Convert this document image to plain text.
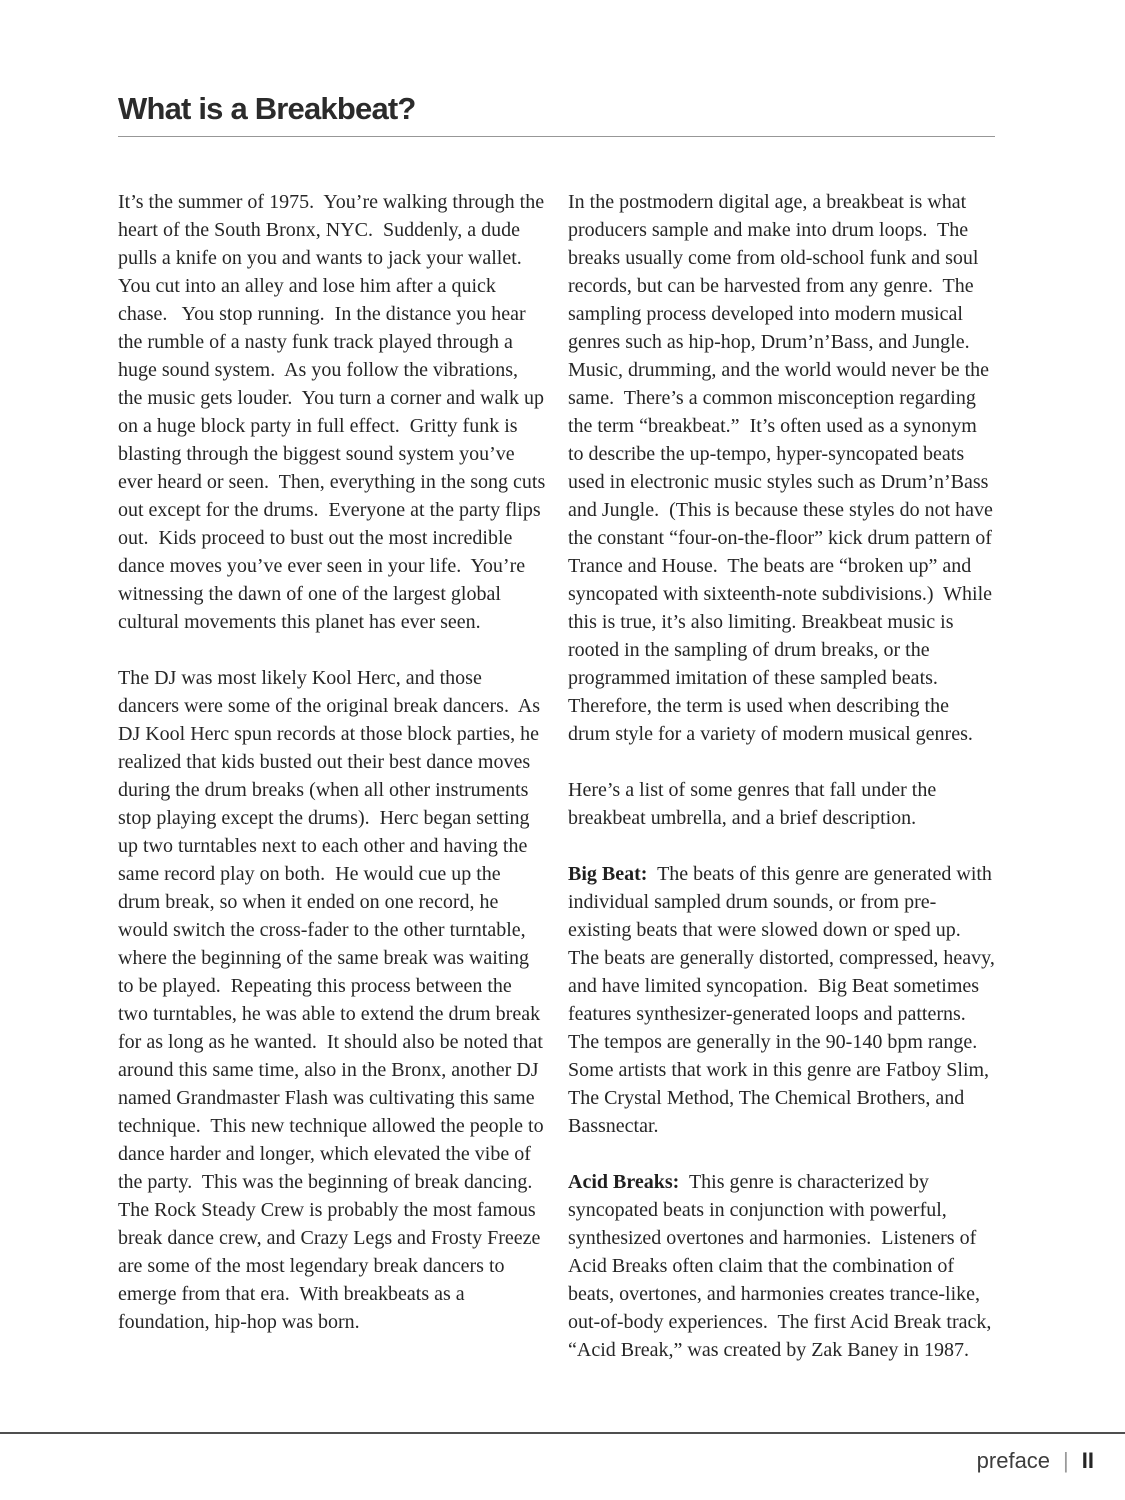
What is a Breakbeat?

It’s the summer of 1975.  You’re walking through the heart of the South Bronx, NYC.  Suddenly, a dude pulls a knife on you and wants to jack your wallet.  You cut into an alley and lose him after a quick chase.   You stop running.  In the distance you hear the rumble of a nasty funk track played through a huge sound system.  As you follow the vibrations, the music gets louder.  You turn a corner and walk up on a huge block party in full effect.  Gritty funk is blasting through the biggest sound system you’ve ever heard or seen.  Then, everything in the song cuts out except for the drums.  Everyone at the party flips out.  Kids proceed to bust out the most incredible dance moves you’ve ever seen in your life.  You’re witnessing the dawn of one of the largest global cultural movements this planet has ever seen.

The DJ was most likely Kool Herc, and those dancers were some of the original break dancers.  As DJ Kool Herc spun records at those block parties, he realized that kids busted out their best dance moves during the drum breaks (when all other instruments stop playing except the drums).  Herc began setting up two turntables next to each other and having the same record play on both.  He would cue up the drum break, so when it ended on one record, he would switch the cross-fader to the other turntable, where the beginning of the same break was waiting to be played.  Repeating this process between the two turntables, he was able to extend the drum break for as long as he wanted.  It should also be noted that around this same time, also in the Bronx, another DJ named Grandmaster Flash was cultivating this same technique.  This new technique allowed the people to dance harder and longer, which elevated the vibe of the party.  This was the beginning of break dancing.  The Rock Steady Crew is probably the most famous break dance crew, and Crazy Legs and Frosty Freeze are some of the most legendary break dancers to emerge from that era.  With breakbeats as a foundation, hip-hop was born.

In the postmodern digital age, a breakbeat is what producers sample and make into drum loops.  The breaks usually come from old-school funk and soul records, but can be harvested from any genre.  The sampling process developed into modern musical genres such as hip-hop, Drum’n’Bass, and Jungle.  Music, drumming, and the world would never be the same.  There’s a common misconception regarding the term “breakbeat.”  It’s often used as a synonym to describe the up-tempo, hyper-syncopated beats used in electronic music styles such as Drum’n’Bass and Jungle.  (This is because these styles do not have the constant “four-on-the-floor” kick drum pattern of Trance and House.  The beats are “broken up” and syncopated with sixteenth-note subdivisions.)  While this is true, it’s also limiting. Breakbeat music is rooted in the sampling of drum breaks, or the programmed imitation of these sampled beats.  Therefore, the term is used when describing the drum style for a variety of modern musical genres.

Here’s a list of some genres that fall under the breakbeat umbrella, and a brief description.

Big Beat:  The beats of this genre are generated with individual sampled drum sounds, or from pre-existing beats that were slowed down or sped up.  The beats are generally distorted, compressed, heavy, and have limited syncopation.  Big Beat sometimes features synthesizer-generated loops and patterns. The tempos are generally in the 90-140 bpm range.  Some artists that work in this genre are Fatboy Slim, The Crystal Method, The Chemical Brothers, and Bassnectar.

Acid Breaks:  This genre is characterized by syncopated beats in conjunction with powerful, synthesized overtones and harmonies.  Listeners of Acid Breaks often claim that the combination of beats, overtones, and harmonies creates trance-like, out-of-body experiences.  The first Acid Break track, “Acid Break,” was created by Zak Baney in 1987.

preface | II
